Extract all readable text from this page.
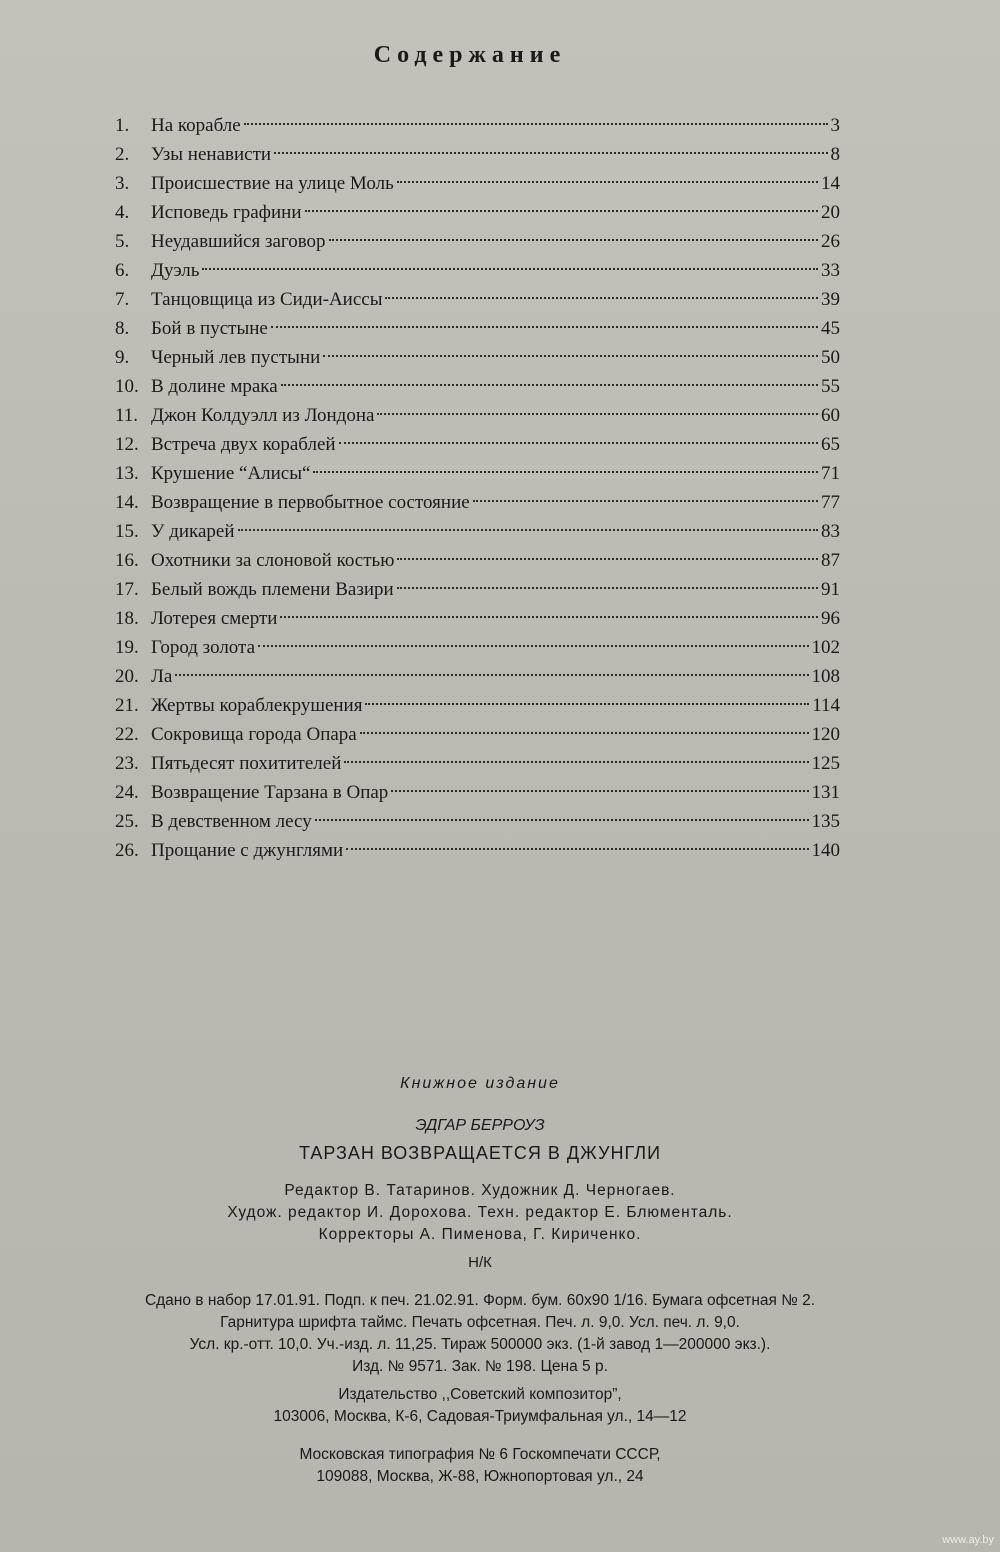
Содержание
1.	На корабле	3
2.	Узы ненависти	8
3.	Происшествие на улице Моль	14
4.	Исповедь графини	20
5.	Неудавшийся заговор	26
6.	Дуэль	33
7.	Танцовщица из Сиди-Аиссы	39
8.	Бой в пустыне	45
9.	Черный лев пустыни	50
10. В долине мрака	55
11. Джон Колдуэлл из Лондона	60
12. Встреча двух кораблей	65
13. Крушение “Алисы“	71
14. Возвращение в первобытное состояние	77
15. У дикарей	83
16. Охотники за слоновой костью	87
17. Белый вождь племени Вазири	91
18. Лотерея смерти	96
19. Город золота	102
20. Ла	108
21. Жертвы кораблекрушения	114
22. Сокровища города Опара	120
23. Пятьдесят похитителей	125
24. Возвращение Тарзана в Опар	131
25. В девственном лесу	135
26. Прощание с джунглями	140
Книжное издание
ЭДГАР БЕРРОУЗ
ТАРЗАН ВОЗВРАЩАЕТСЯ В ДЖУНГЛИ
Редактор В. Татаринов. Художник Д. Черногаев.
Худож. редактор И. Дорохова. Техн. редактор Е. Блюменталь.
Корректоры А. Пименова, Г. Кириченко.
Н/К
Сдано в набор 17.01.91. Подп. к печ. 21.02.91. Форм. бум. 60x90 1/16. Бумага офсетная № 2.
Гарнитура шрифта таймс. Печать офсетная. Печ. л. 9,0. Усл. печ. л. 9,0.
Усл. кр.-отт. 10,0. Уч.-изд. л. 11,25. Тираж 500000 экз. (1-й завод 1—200000 экз.).
Изд. № 9571. Зак. № 198. Цена 5 р.
Издательство ,,Советский композитор”,
103006, Москва, К-6, Садовая-Триумфальная ул., 14—12
Московская типография № 6 Госкомпечати СССР,
109088, Москва, Ж-88, Южнопортовая ул., 24
www.ay.by
